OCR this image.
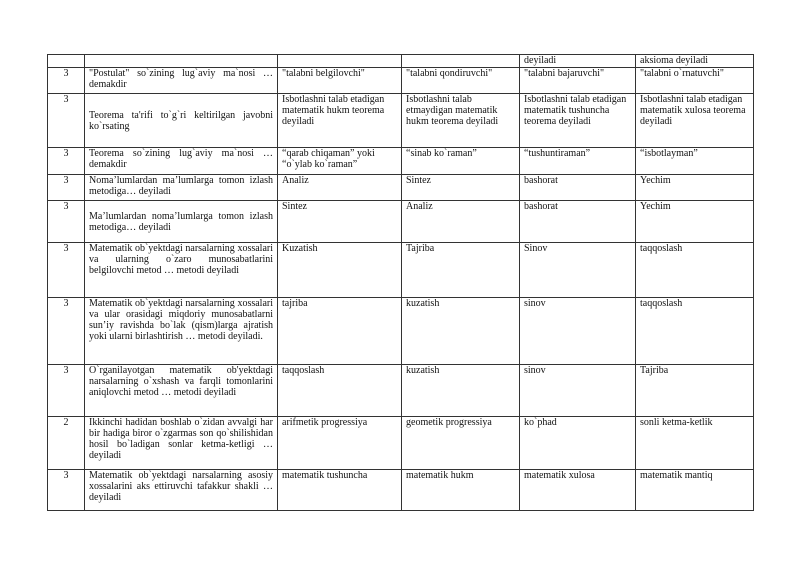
				deyiladi	aksioma deyiladi
3	"Postulat" so`zining lug`aviy ma`nosi … demakdir	"talabni belgilovchi"	"talabni qondiruvchi"	"talabni bajaruvchi"	"talabni o`rnatuvchi"
3	Teorema ta'rifi to`g`ri keltirilgan javobni ko`rsating	Isbotlashni talab etadigan matematik hukm teorema deyiladi	Isbotlashni talab etmaydigan matematik hukm teorema deyiladi	Isbotlashni talab etadigan matematik tushuncha teorema deyiladi	Isbotlashni talab etadigan matematik xulosa teorema deyiladi
3	Teorema so`zining lug`aviy ma`nosi … demakdir	“qarab chiqaman” yoki “o`ylab ko`raman”	“sinab ko`raman”	“tushuntiraman”	“isbotlayman”
3	Noma’lumlardan ma’lumlarga tomon izlash metodiga… deyiladi	Analiz	Sintez	bashorat	Yechim
3	Ma’lumlardan noma’lumlarga tomon izlash metodiga… deyiladi	Sintez	Analiz	bashorat	Yechim
3	Matematik ob`yektdagi narsalarning xossalari va ularning o`zaro munosabatlarini belgilovchi metod … metodi deyiladi	Kuzatish	Tajriba	Sinov	taqqoslash
3	Matematik ob`yektdagi narsalarning xossalari va ular orasidagi miqdoriy munosabatlarni sun’iy ravishda bo`lak (qism)larga ajratish yoki ularni birlashtirish … metodi deyiladi.	tajriba	kuzatish	sinov	taqqoslash
3	O`rganilayotgan matematik ob'yektdagi narsalarning o`xshash va farqli tomonlarini aniqlovchi metod … metodi deyiladi	taqqoslash	kuzatish	sinov	Tajriba
2	Ikkinchi hadidan boshlab o`zidan avvalgi har bir hadiga biror o`zgarmas son qo`shilishidan hosil bo`ladigan sonlar ketma-ketligi … deyiladi	arifmetik progressiya	geometik progressiya	ko`phad	sonli ketma-ketlik
3	Matematik ob`yektdagi narsalarning asosiy xossalarini aks ettiruvchi tafakkur shakli … deyiladi	matematik tushuncha	matematik hukm	matematik xulosa	matematik mantiq
